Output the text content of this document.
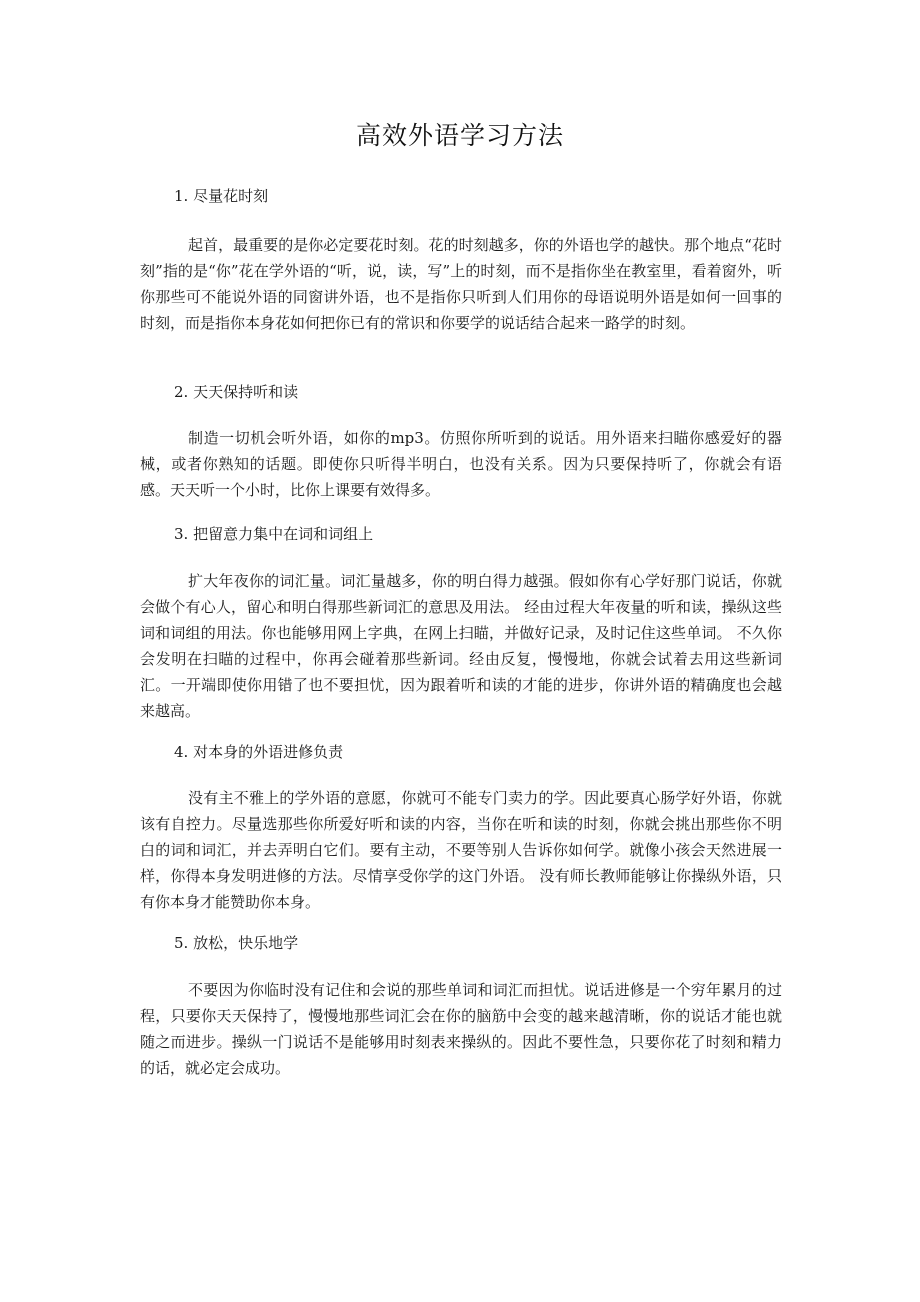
高效外语学习方法
1. 尽量花时刻
起首，最重要的是你必定要花时刻。花的时刻越多，你的外语也学的越快。那个地点“花时刻”指的是“你”花在学外语的“听，说，读，写”上的时刻，而不是指你坐在教室里，看着窗外，听你那些可不能说外语的同窗讲外语，也不是指你只听到人们用你的母语说明外语是如何一回事的时刻，而是指你本身花如何把你已有的常识和你要学的说话结合起来一路学的时刻。
2. 天天保持听和读
制造一切机会听外语，如你的mp3。仿照你所听到的说话。用外语来扫瞄你感爱好的器械，或者你熟知的话题。即使你只听得半明白，也没有关系。因为只要保持听了，你就会有语感。天天听一个小时，比你上课要有效得多。
3. 把留意力集中在词和词组上
扩大年夜你的词汇量。词汇量越多，你的明白得力越强。假如你有心学好那门说话，你就会做个有心人，留心和明白得那些新词汇的意思及用法。 经由过程大年夜量的听和读，操纵这些词和词组的用法。你也能够用网上字典，在网上扫瞄，并做好记录，及时记住这些单词。 不久你会发明在扫瞄的过程中，你再会碰着那些新词。经由反复，慢慢地，你就会试着去用这些新词汇。一开端即使你用错了也不要担忧，因为跟着听和读的才能的进步，你讲外语的精确度也会越来越高。
4. 对本身的外语进修负责
没有主不雅上的学外语的意愿，你就可不能专门卖力的学。因此要真心肠学好外语，你就该有自控力。尽量选那些你所爱好听和读的内容，当你在听和读的时刻，你就会挑出那些你不明白的词和词汇，并去弄明白它们。要有主动，不要等别人告诉你如何学。就像小孩会天然进展一样，你得本身发明进修的方法。尽情享受你学的这门外语。 没有师长教师能够让你操纵外语，只有你本身才能赞助你本身。
5. 放松，快乐地学
不要因为你临时没有记住和会说的那些单词和词汇而担忧。说话进修是一个穷年累月的过程，只要你天天保持了，慢慢地那些词汇会在你的脑筋中会变的越来越清晰，你的说话才能也就随之而进步。操纵一门说话不是能够用时刻表来操纵的。因此不要性急，只要你花了时刻和精力的话，就必定会成功。
